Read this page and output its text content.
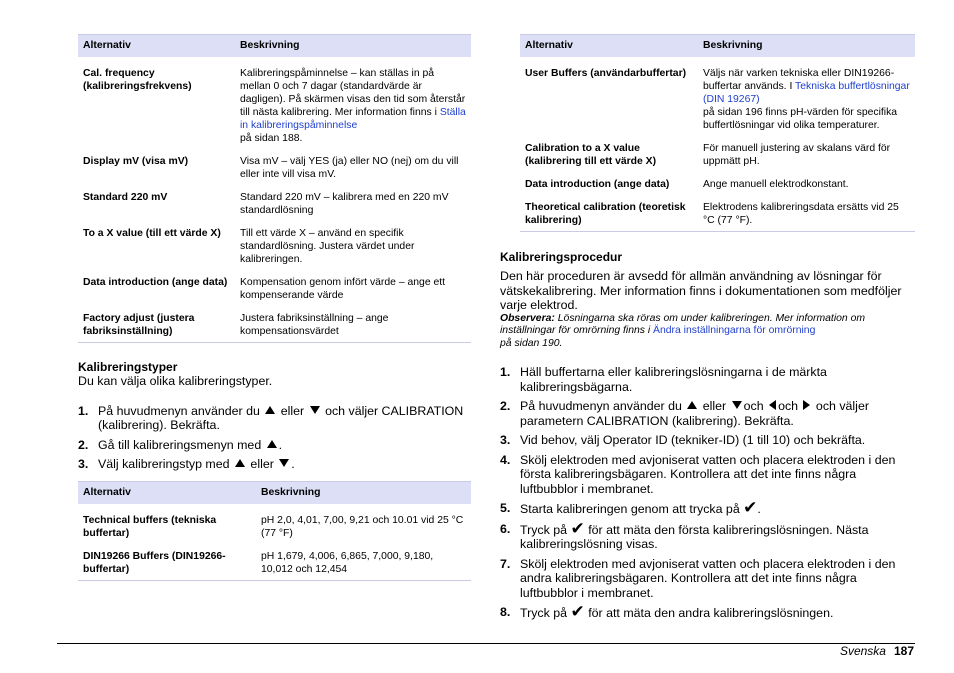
Alternativ	Beskrivning
Cal. frequency (kalibreringsfrekvens)	Kalibreringspåminnelse – kan ställas in på mellan 0 och 7 dagar (standardvärde är dagligen). På skärmen visas den tid som återstår till nästa kalibrering. Mer information finns i Ställa in kalibreringspåminnelse
på sidan 188.
Display mV (visa mV)	Visa mV – välj YES (ja) eller NO (nej) om du vill eller inte vill visa mV.
Standard 220 mV	Standard 220 mV – kalibrera med en 220 mV standardlösning
To a X value (till ett värde X)	Till ett värde X – använd en specifik standardlösning. Justera värdet under kalibreringen.
Data introduction (ange data)	Kompensation genom infört värde – ange ett kompenserande värde
Factory adjust (justera fabriksinställning)	Justera fabriksinställning – ange kompensationsvärdet
Kalibreringstyper

Du kan välja olika kalibreringstyper.

1. På huvudmenyn använder du  eller  och väljer CALIBRATION (kalibrering). Bekräfta.
2. Gå till kalibreringsmenyn med .
3. Välj kalibreringstyp med  eller .
Alternativ	Beskrivning
Technical buffers (tekniska buffertar)	pH 2,0, 4,01, 7,00, 9,21 och 10.01 vid 25 °C (77 °F)
DIN19266 Buffers (DIN19266-buffertar)	pH 1,679, 4,006, 6,865, 7,000, 9,180, 10,012 och 12,454
Alternativ	Beskrivning
User Buffers (användarbuffertar)	Väljs när varken tekniska eller DIN19266-buffertar används. I Tekniska buffertlösningar (DIN 19267)
på sidan 196 finns pH-värden för specifika buffertlösningar vid olika temperaturer.
Calibration to a X value (kalibrering till ett värde X)	För manuell justering av skalans värd för uppmätt pH.
Data introduction (ange data)	Ange manuell elektrodkonstant.
Theoretical calibration (teoretisk kalibrering)	Elektrodens kalibreringsdata ersätts vid 25 °C (77 °F).
Kalibreringsprocedur

Den här proceduren är avsedd för allmän användning av lösningar för vätskekalibrering. Mer information finns i dokumentationen som medföljer varje elektrod.

Observera: Lösningarna ska röras om under kalibreringen. Mer information om inställningar för omrörning finns i Ändra inställningarna för omrörning
på sidan 190.

1. Häll buffertarna eller kalibreringslösningarna i de märkta kalibreringsbägarna.
2. På huvudmenyn använder du  eller och och  och väljer parametern CALIBRATION (kalibrering). Bekräfta.
3. Vid behov, välj Operator ID (tekniker-ID) (1 till 10) och bekräfta.
4. Skölj elektroden med avjoniserat vatten och placera elektroden i den första kalibreringsbägaren. Kontrollera att det inte finns några luftbubblor i membranet.
5. Starta kalibreringen genom att trycka på ✔.
6. Tryck på ✔ för att mäta den första kalibreringslösningen. Nästa kalibreringslösning visas.
7. Skölj elektroden med avjoniserat vatten och placera elektroden i den andra kalibreringsbägaren. Kontrollera att det inte finns några luftbubblor i membranet.
8. Tryck på ✔ för att mäta den andra kalibreringslösningen.
Svenska 187
